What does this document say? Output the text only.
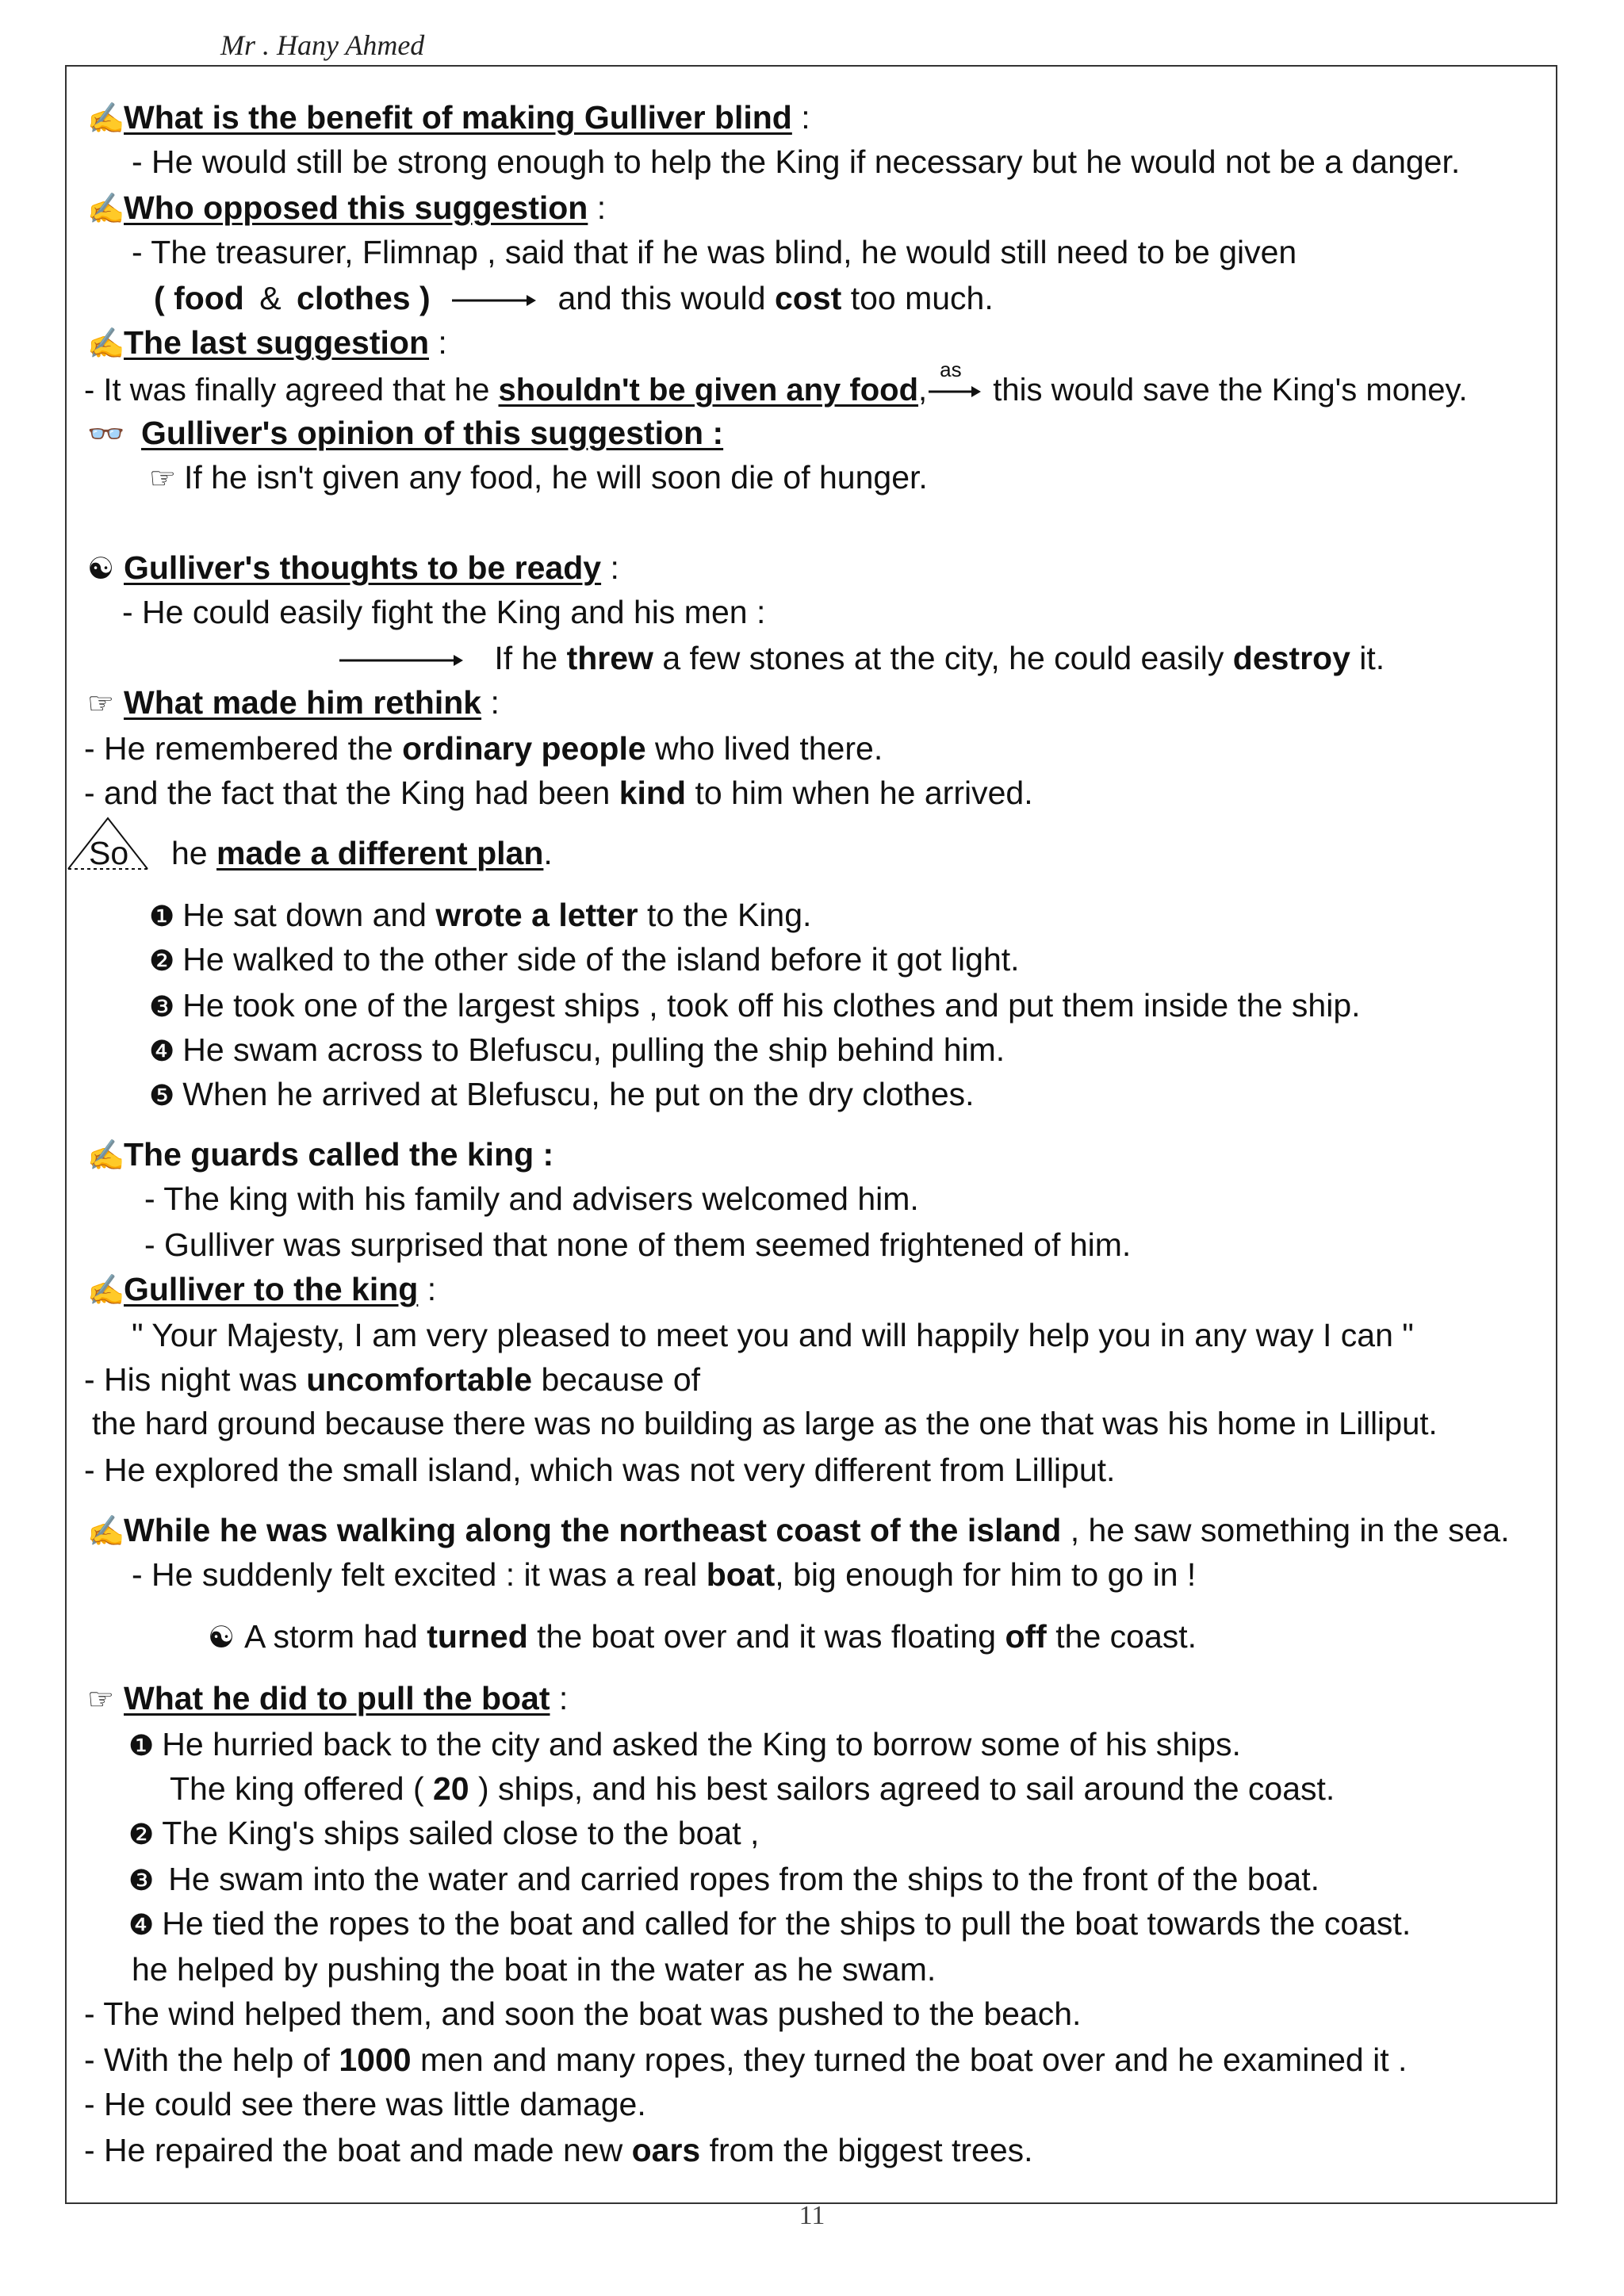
Mr . Hany Ahmed
✍What is the benefit of making Gulliver blind :
- He would still be strong enough to help the King if necessary but he would not be a danger.
✍Who opposed this suggestion :
- The treasurer, Flimnap , said that if he was blind, he would still need to be given
( food & clothes )	and this would cost too much.
✍The last suggestion :
- It was finally agreed that he shouldn't be given any food,
as
this would save the King's money.
👓 Gulliver's opinion of this suggestion :
☞ If he isn't given any food, he will soon die of hunger.
☯ Gulliver's thoughts to be ready :
- He could easily fight the King and his men :
If he threw a few stones at the city, he could easily destroy it.
☞ What made him rethink :
- He remembered the ordinary people who lived there.
- and the fact that the King had been kind to him when he arrived.
So he made a different plan.
❶ He sat down and wrote a letter to the King.
❷ He walked to the other side of the island before it got light.
❸ He took one of the largest ships , took off his clothes and put them inside the ship.
❹ He swam across to Blefuscu, pulling the ship behind him.
❺ When he arrived at Blefuscu, he put on the dry clothes.
✍The guards called the king :
- The king with his family and advisers welcomed him.
- Gulliver was surprised that none of them seemed frightened of him.
✍Gulliver to the king :
" Your Majesty, I am very pleased to meet you and will happily help you in any way I can "
- His night was uncomfortable because of
the hard ground because there was no building as large as the one that was his home in Lilliput.
- He explored the small island, which was not very different from Lilliput.
✍While he was walking along the northeast coast of the island , he saw something in the sea.
- He suddenly felt excited : it was a real boat, big enough for him to go in !
☯ A storm had turned the boat over and it was floating off the coast.
☞ What he did to pull the boat :
❶ He hurried back to the city and asked the King to borrow some of his ships.
The king offered ( 20 ) ships, and his best sailors agreed to sail around the coast.
❷ The King's ships sailed close to the boat ,
❸ He swam into the water and carried ropes from the ships to the front of the boat.
❹ He tied the ropes to the boat and called for the ships to pull the boat towards the coast.
he helped by pushing the boat in the water as he swam.
- The wind helped them, and soon the boat was pushed to the beach.
- With the help of 1000 men and many ropes, they turned the boat over and he examined it .
- He could see there was little damage.
- He repaired the boat and made new oars from the biggest trees.
11
